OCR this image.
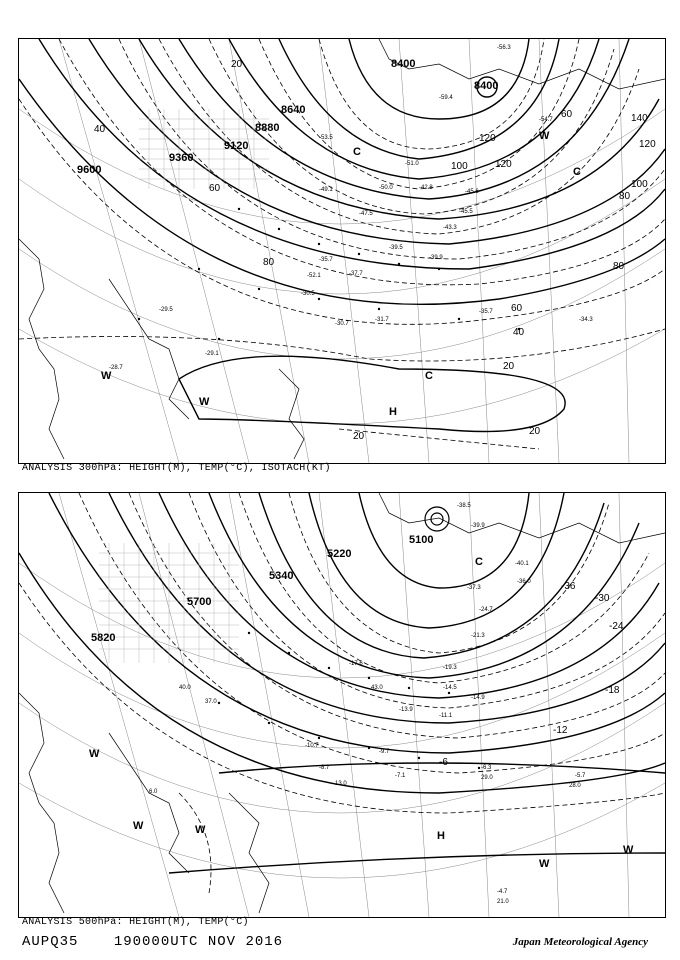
8400
8400
8640
8880
9120
9360
9600
20
40
60
80
100	120
140
120
100
80
60
40
20
20	20
60
80
120
-56.3
-59.4
-54.7
-51.0
-53.5
-49.1
-47.5	-45.5
-43.3
-39.9
-37.7
-35.7
-34.3
-31.7
-30.7
-30.5
-29.5
-29.1
-28.7
-39.5
-42.8
-45.6
-50.0
-52.1
-35.7
H
W
W	C
W
C
C
ANALYSIS 300hPa: HEIGHT(M), TEMP(°C), ISOTACH(KT)
5100
5220
5340
5700
5820
-36
-30
-24
-18
-12
-6
-38.5
-39.9
-37.3
-40.1
-36.0
-24.7
-21.3
-19.3
-17.6
-14.5
-14.9
-13.9
-11.1
-10.7
-9.7
-8.7
-7.1
-6.3
-5.7
-4.7
21.0
13.0
29.0
43.0
40.0
37.0
28.0
6.0
H
W
W
W
W
C
W
ANALYSIS 500hPa: HEIGHT(M), TEMP(°C)
AUPQ35	190000UTC NOV 2016	Japan Meteorological Agency
